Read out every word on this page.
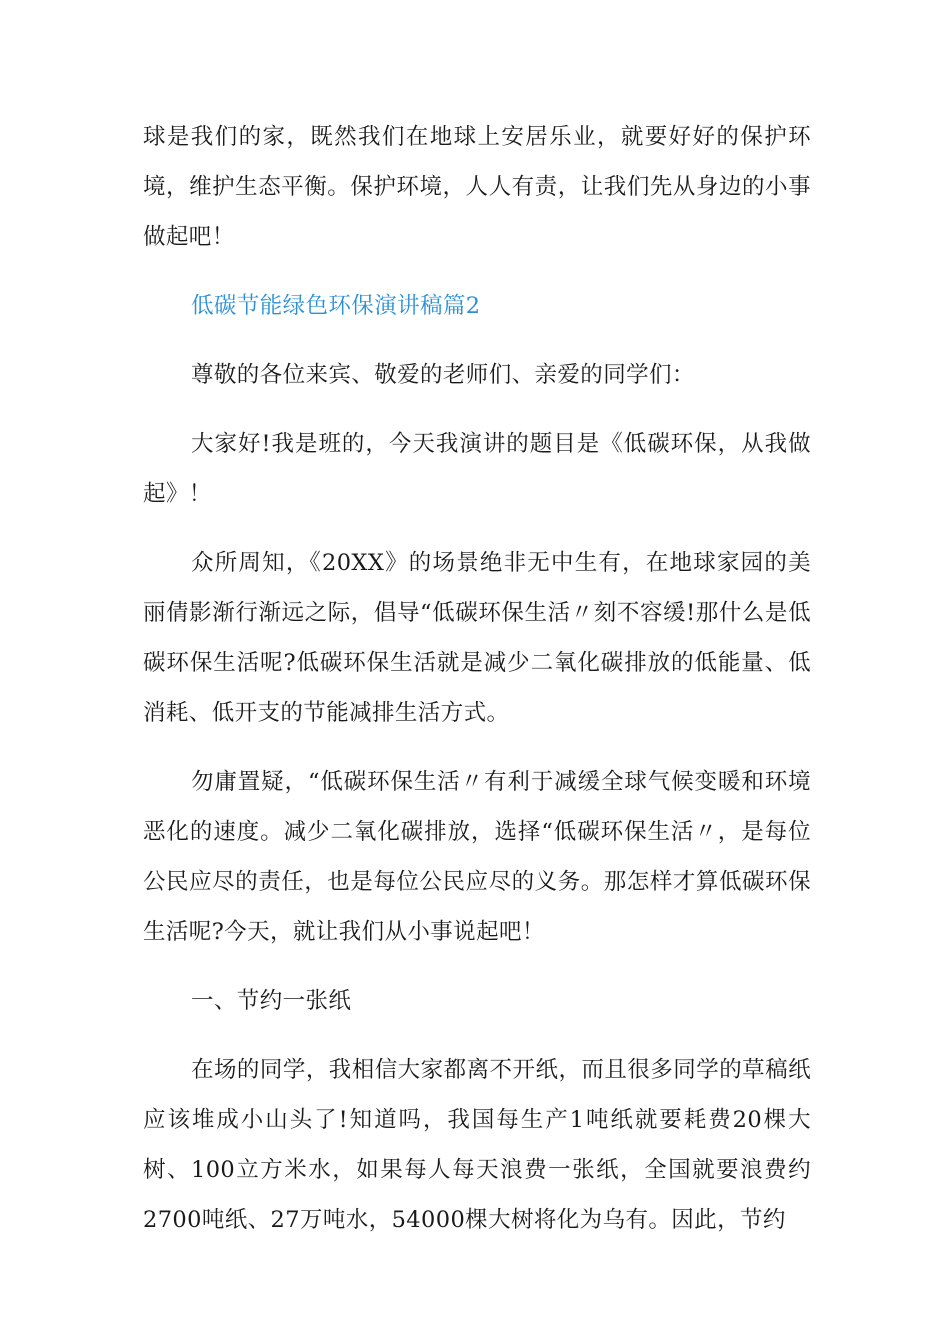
球是我们的家，既然我们在地球上安居乐业，就要好好的保护环境，维护生态平衡。保护环境，人人有责，让我们先从身边的小事做起吧！

低碳节能绿色环保演讲稿篇2

尊敬的各位来宾、敬爱的老师们、亲爱的同学们：

大家好!我是班的，今天我演讲的题目是《低碳环保，从我做起》！

众所周知，《20XX》的场景绝非无中生有，在地球家园的美丽倩影渐行渐远之际，倡导“低碳环保生活〃刻不容缓!那什么是低碳环保生活呢?低碳环保生活就是减少二氧化碳排放的低能量、低消耗、低开支的节能减排生活方式。

勿庸置疑，“低碳环保生活〃有利于减缓全球气候变暖和环境恶化的速度。减少二氧化碳排放，选择“低碳环保生活〃，是每位公民应尽的责任，也是每位公民应尽的义务。那怎样才算低碳环保生活呢?今天，就让我们从小事说起吧！

一、节约一张纸

在场的同学，我相信大家都离不开纸，而且很多同学的草稿纸应该堆成小山头了!知道吗，我国每生产1吨纸就要耗费20棵大树、100立方米水，如果每人每天浪费一张纸，全国就要浪费约2700吨纸、27万吨水，54000棵大树将化为乌有。因此，节约
